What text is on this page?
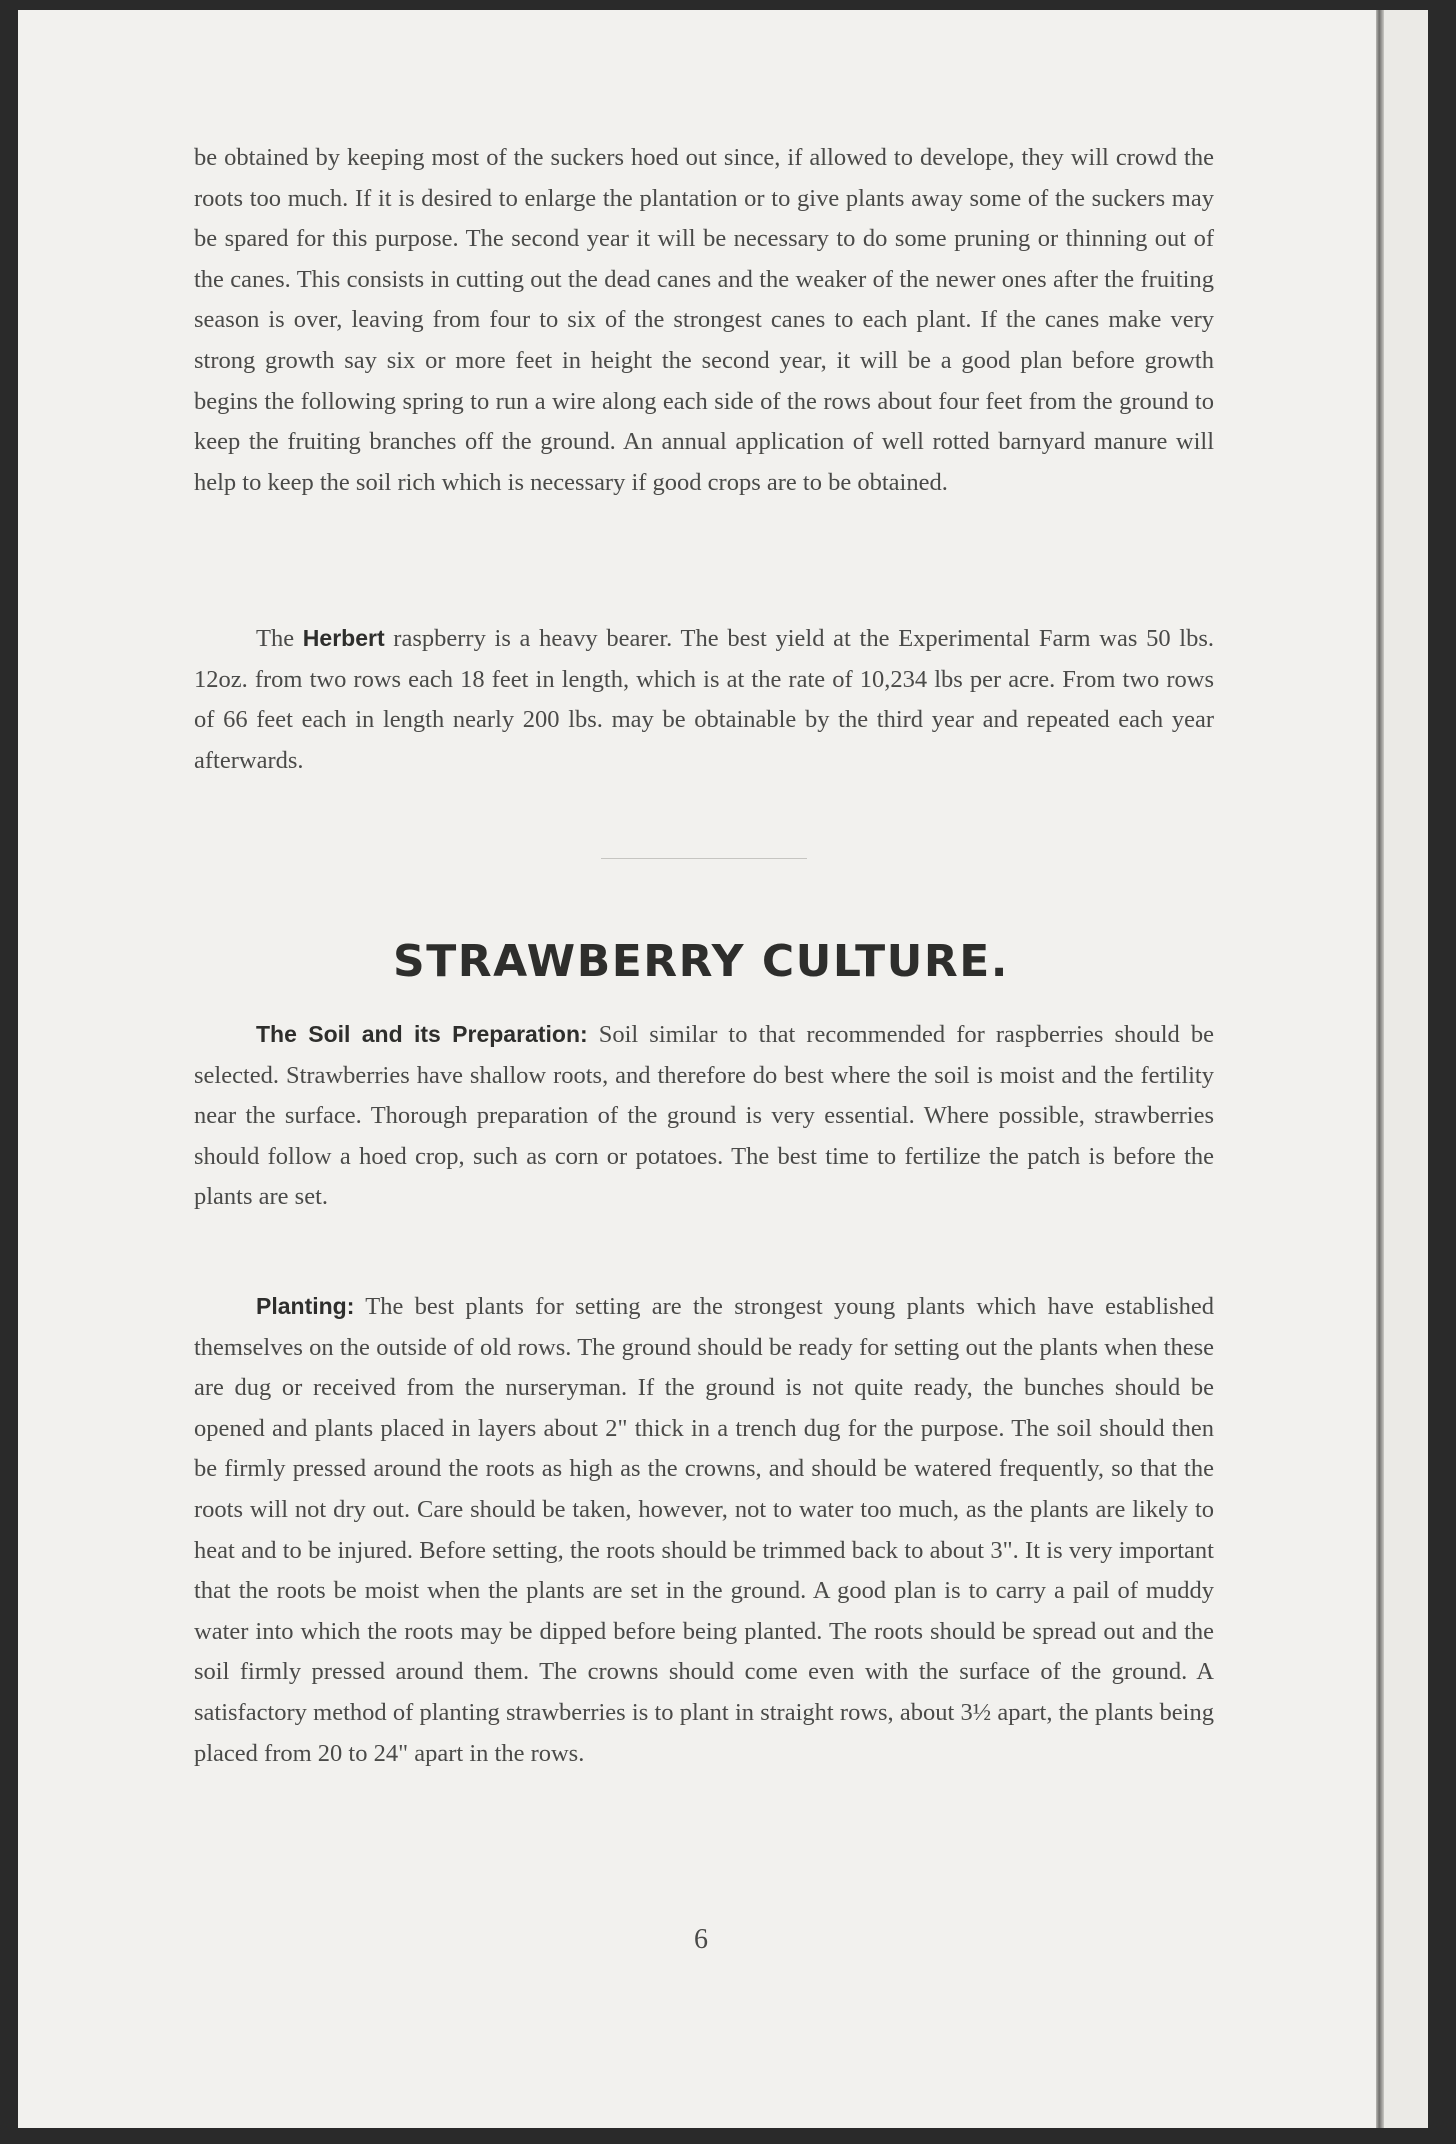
be obtained by keeping most of the suckers hoed out since, if allowed to develope, they will crowd the roots too much. If it is desired to enlarge the plantation or to give plants away some of the suckers may be spared for this purpose. The second year it will be necessary to do some pruning or thinning out of the canes. This consists in cutting out the dead canes and the weaker of the newer ones after the fruiting season is over, leaving from four to six of the strongest canes to each plant. If the canes make very strong growth say six or more feet in height the second year, it will be a good plan before growth begins the following spring to run a wire along each side of the rows about four feet from the ground to keep the fruiting branches off the ground. An annual application of well rotted barnyard manure will help to keep the soil rich which is necessary if good crops are to be obtained.

The Herbert raspberry is a heavy bearer. The best yield at the Experimental Farm was 50 lbs. 12oz. from two rows each 18 feet in length, which is at the rate of 10,234 lbs per acre. From two rows of 66 feet each in length nearly 200 lbs. may be obtainable by the third year and repeated each year afterwards.

STRAWBERRY CULTURE.

The Soil and its Preparation: Soil similar to that recommended for raspberries should be selected. Strawberries have shallow roots, and therefore do best where the soil is moist and the fertility near the surface. Thorough preparation of the ground is very essential. Where possible, strawberries should follow a hoed crop, such as corn or potatoes. The best time to fertilize the patch is before the plants are set.

Planting: The best plants for setting are the strongest young plants which have established themselves on the outside of old rows. The ground should be ready for setting out the plants when these are dug or received from the nurseryman. If the ground is not quite ready, the bunches should be opened and plants placed in layers about 2" thick in a trench dug for the purpose. The soil should then be firmly pressed around the roots as high as the crowns, and should be watered frequently, so that the roots will not dry out. Care should be taken, however, not to water too much, as the plants are likely to heat and to be injured. Before setting, the roots should be trimmed back to about 3". It is very important that the roots be moist when the plants are set in the ground. A good plan is to carry a pail of muddy water into which the roots may be dipped before being planted. The roots should be spread out and the soil firmly pressed around them. The crowns should come even with the surface of the ground. A satisfactory method of planting strawberries is to plant in straight rows, about 3½ apart, the plants being placed from 20 to 24" apart in the rows.

6
